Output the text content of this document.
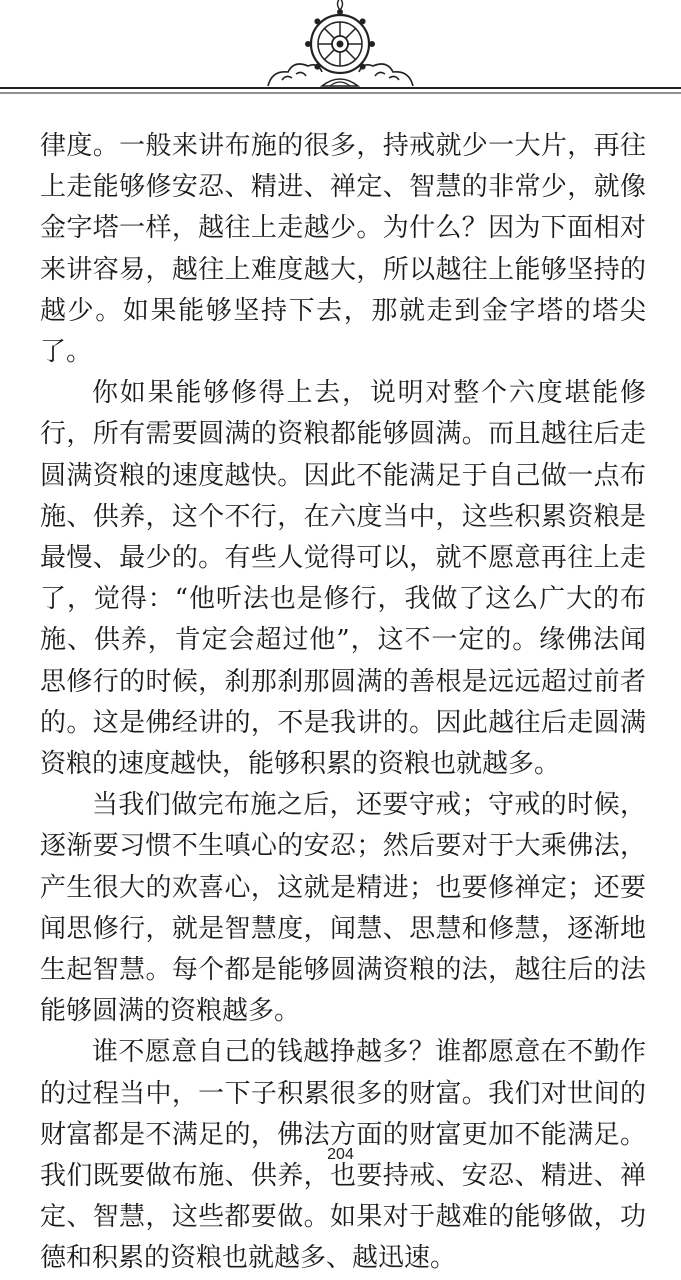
律度。一般来讲布施的很多，持戒就少一大片，再往上走能够修安忍、精进、禅定、智慧的非常少，就像金字塔一样，越往上走越少。为什么？因为下面相对来讲容易，越往上难度越大，所以越往上能够坚持的越少。如果能够坚持下去，那就走到金字塔的塔尖了。

你如果能够修得上去，说明对整个六度堪能修行，所有需要圆满的资粮都能够圆满。而且越往后走圆满资粮的速度越快。因此不能满足于自己做一点布施、供养，这个不行，在六度当中，这些积累资粮是最慢、最少的。有些人觉得可以，就不愿意再往上走了，觉得：“他听法也是修行，我做了这么广大的布施、供养，肯定会超过他”，这不一定的。缘佛法闻思修行的时候，刹那刹那圆满的善根是远远超过前者的。这是佛经讲的，不是我讲的。因此越往后走圆满资粮的速度越快，能够积累的资粮也就越多。

当我们做完布施之后，还要守戒；守戒的时候，逐渐要习惯不生嗔心的安忍；然后要对于大乘佛法，产生很大的欢喜心，这就是精进；也要修禅定；还要闻思修行，就是智慧度，闻慧、思慧和修慧，逐渐地生起智慧。每个都是能够圆满资粮的法，越往后的法能够圆满的资粮越多。

谁不愿意自己的钱越挣越多？谁都愿意在不勤作的过程当中，一下子积累很多的财富。我们对世间的财富都是不满足的，佛法方面的财富更加不能满足。我们既要做布施、供养，也要持戒、安忍、精进、禅定、智慧，这些都要做。如果对于越难的能够做，功德和积累的资粮也就越多、越迅速。

204
